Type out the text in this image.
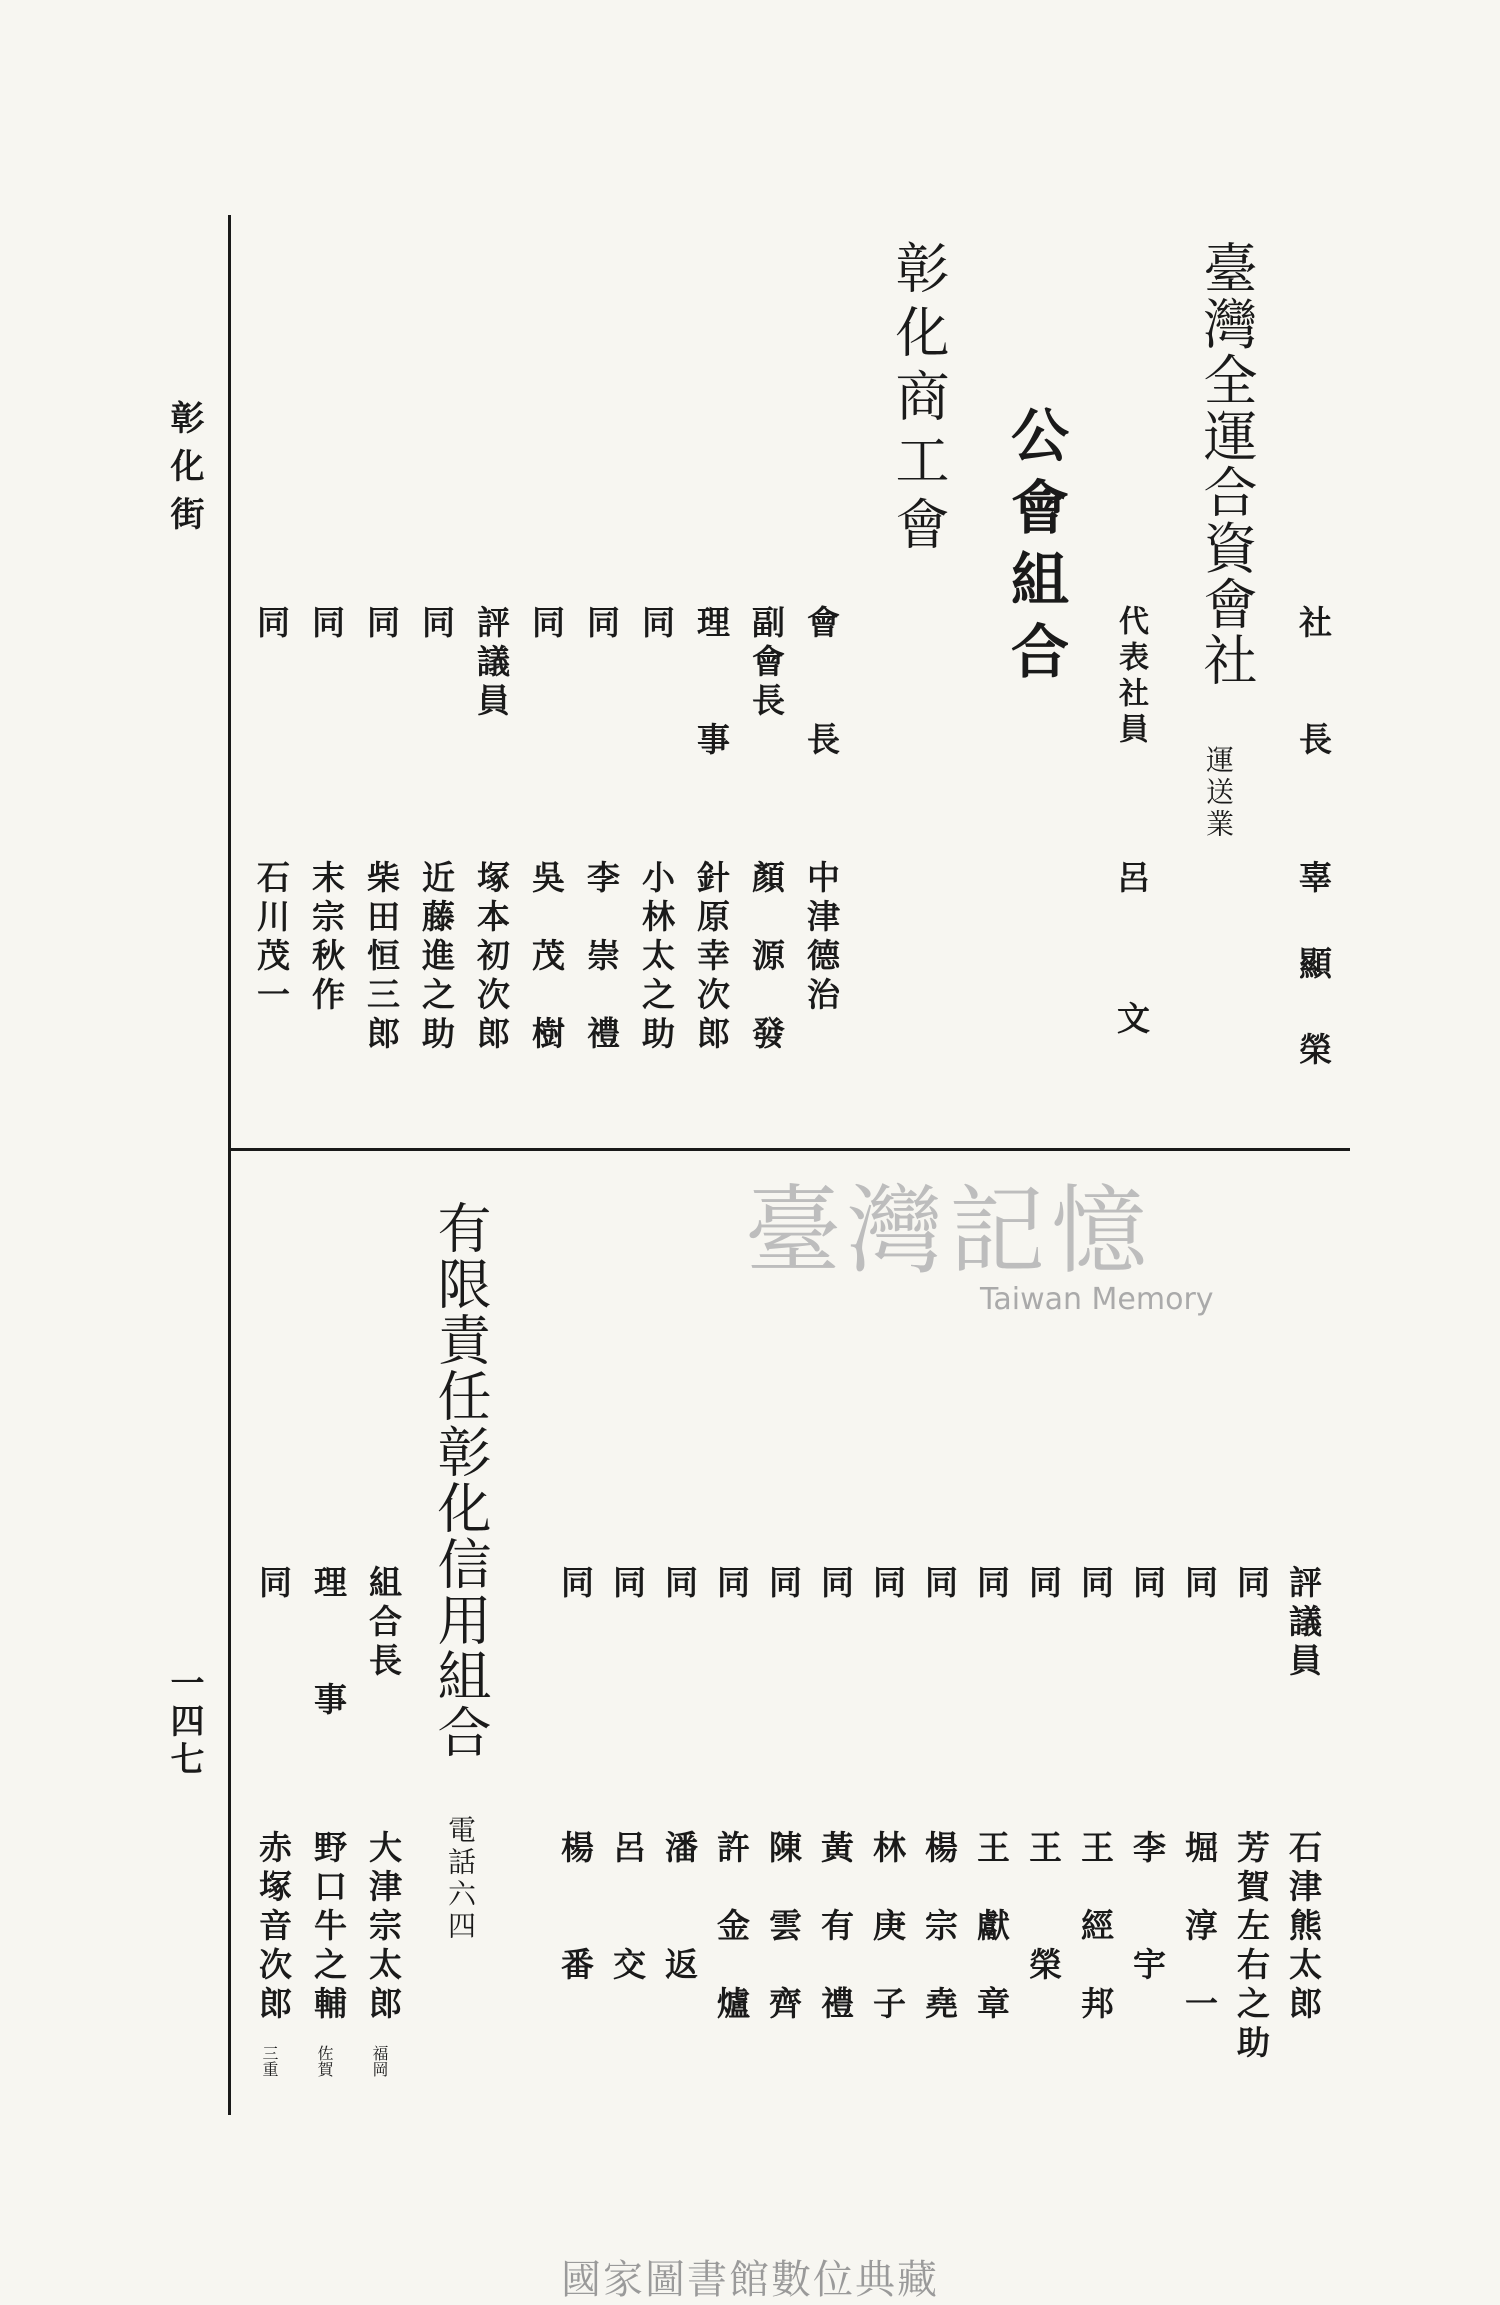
彰化街
一四七
社　　長
辜　顯　榮
臺灣全運合資會社
運送業
代表社員
呂　　文
公會組合
彰化商工會
會　　長
中津德治
副會長
顏　源　發
理　　事
針原幸次郎
同
小林太之助
同
李　崇　禮
同
吳　茂　樹
評議員
塚本初次郎
同
近藤進之助
同
柴田恒三郎
同
末宗秋作
同
石川茂一
評議員
石津熊太郎
同
芳賀左右之助
同
堀　淳　一
同
李　　宇
同
王　經　邦
同
王　　榮
同
王　獻　章
同
楊　宗　堯
同
林　庚　子
同
黃　有　禮
同
陳　雲　齊
同
許　金　爐
同
潘　　返
同
呂　　交
同
楊　　番
有限責任彰化信用組合
電話六四
組合長
大津宗太郎
福岡
理　　事
野口牛之輔
佐賀
同
赤塚音次郎
三重
臺灣記憶
Taiwan Memory
國家圖書館數位典藏
